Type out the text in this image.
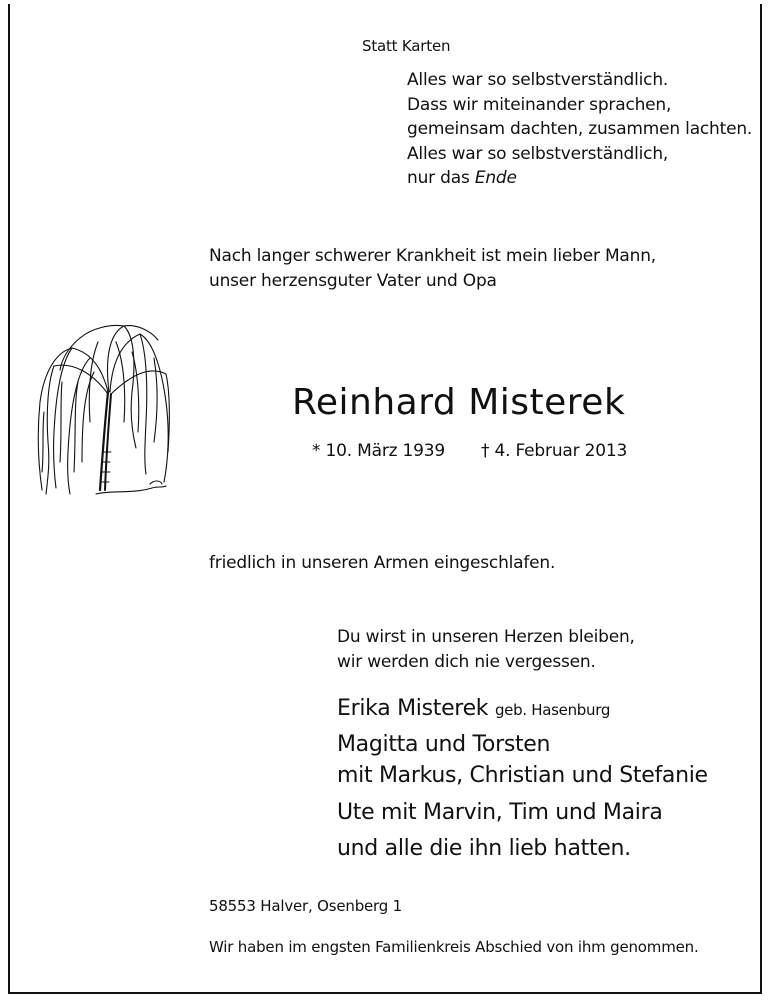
Statt Karten
Alles war so selbstverständlich.
Dass wir miteinander sprachen,
gemeinsam dachten, zusammen lachten.
Alles war so selbstverständlich,
nur das Ende
Nach langer schwerer Krankheit ist mein lieber Mann,
unser herzensguter Vater und Opa
Reinhard Misterek
* 10. März 1939 † 4. Februar 2013
friedlich in unseren Armen eingeschlafen.
Du wirst in unseren Herzen bleiben,
wir werden dich nie vergessen.
Erika Misterek geb. Hasenburg
Magitta und Torsten
mit Markus, Christian und Stefanie
Ute mit Marvin, Tim und Maira
und alle die ihn lieb hatten.
58553 Halver, Osenberg 1
Wir haben im engsten Familienkreis Abschied von ihm genommen.
